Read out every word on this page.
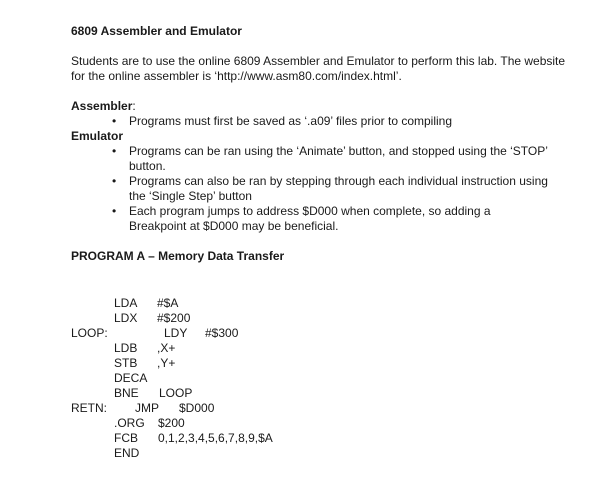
6809 Assembler and Emulator

Students are to use the online 6809 Assembler and Emulator to perform this lab. The website for the online assembler is ‘http://www.asm80.com/index.html’.

Assembler:

• Programs must first be saved as ‘.a09’ files prior to compiling

Emulator

• Programs can be ran using the ‘Animate’ button, and stopped using the ‘STOP’ button.
• Programs can also be ran by stepping through each individual instruction using the ‘Single Step’ button
• Each program jumps to address $D000 when complete, so adding a Breakpoint at $D000 may be beneficial.

PROGRAM A – Memory Data Transfer

LDA #$A
LDX #$200
LOOP:	LDY #$300
LDB ,X+
STB ,Y+
DECA
BNE LOOP
RETN: JMP $D000
.ORG $200
FCB 0,1,2,3,4,5,6,7,8,9,$A
END
